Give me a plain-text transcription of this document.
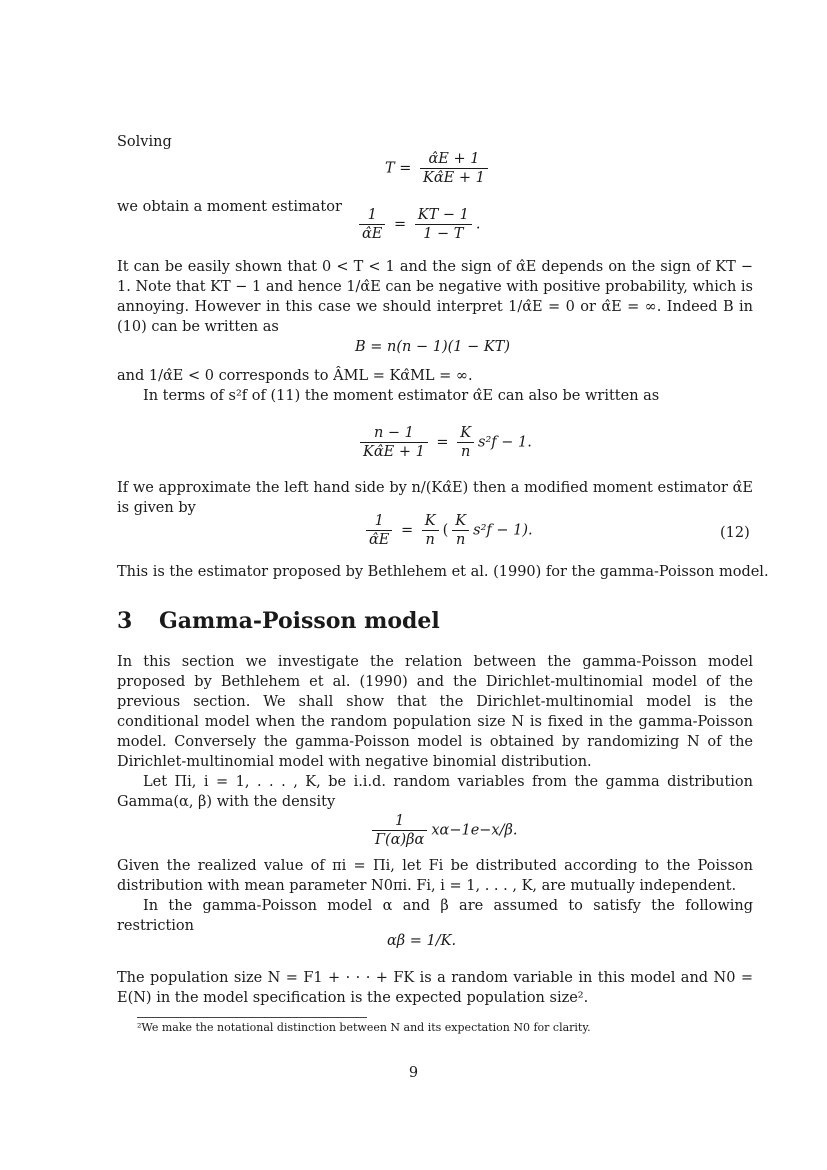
Solving
$T = \frac{\alphâE + 1}{K\alphâE + 1}$
we obtain a moment estimator $\frac{1}{\alphâE} = \frac{KT - 1}{1 - T}$ .
It can be easily shown that 0 < T < 1 and the sign of α̂E depends on the sign of KT − 1. Note that KT − 1 and hence 1/α̂E can be negative with positive probability, which is annoying. However in this case we should interpret 1/α̂E = 0 or α̂E = ∞. Indeed B in (10) can be written as
B = n(n − 1)(1 − KT)
and 1/α̂E < 0 corresponds to ÂML = Kα̂ML = ∞.
In terms of s²f of (11) the moment estimator α̂E can also be written as
$\frac{n - 1}{K\alphâE + 1} = \frac{K}{n} s^2f - 1$.
If we approximate the left hand side by n/(Kα̂E) then a modified moment estimator α̂E is given by
$\frac{1}{\alphâE} = \frac{K}{n}$ ( $\frac{K}{n} s^2f - 1$).	(12)
This is the estimator proposed by Bethlehem et al. (1990) for the gamma-Poisson model.
3 Gamma-Poisson model
In this section we investigate the relation between the gamma-Poisson model proposed by Bethlehem et al. (1990) and the Dirichlet-multinomial model of the previous section. We shall show that the Dirichlet-multinomial model is the conditional model when the random population size N is fixed in the gamma-Poisson model. Conversely the gamma-Poisson model is obtained by randomizing N of the Dirichlet-multinomial model with negative binomial distribution.
Let Πi, i = 1, . . . , K, be i.i.d. random variables from the gamma distribution Gamma(α, β) with the density
$\frac{1}{\Gamma(\alpha)\beta\alpha} x\alpha-1e-x/\beta$.
Given the realized value of πi = Πi, let Fi be distributed according to the Poisson distribution with mean parameter N0πi. Fi, i = 1, . . . , K, are mutually independent.
In the gamma-Poisson model α and β are assumed to satisfy the following restriction
αβ = 1/K.
The population size N = F1 + · · · + FK is a random variable in this model and N0 = E(N) in the model specification is the expected population size².
²We make the notational distinction between N and its expectation N0 for clarity.
9
